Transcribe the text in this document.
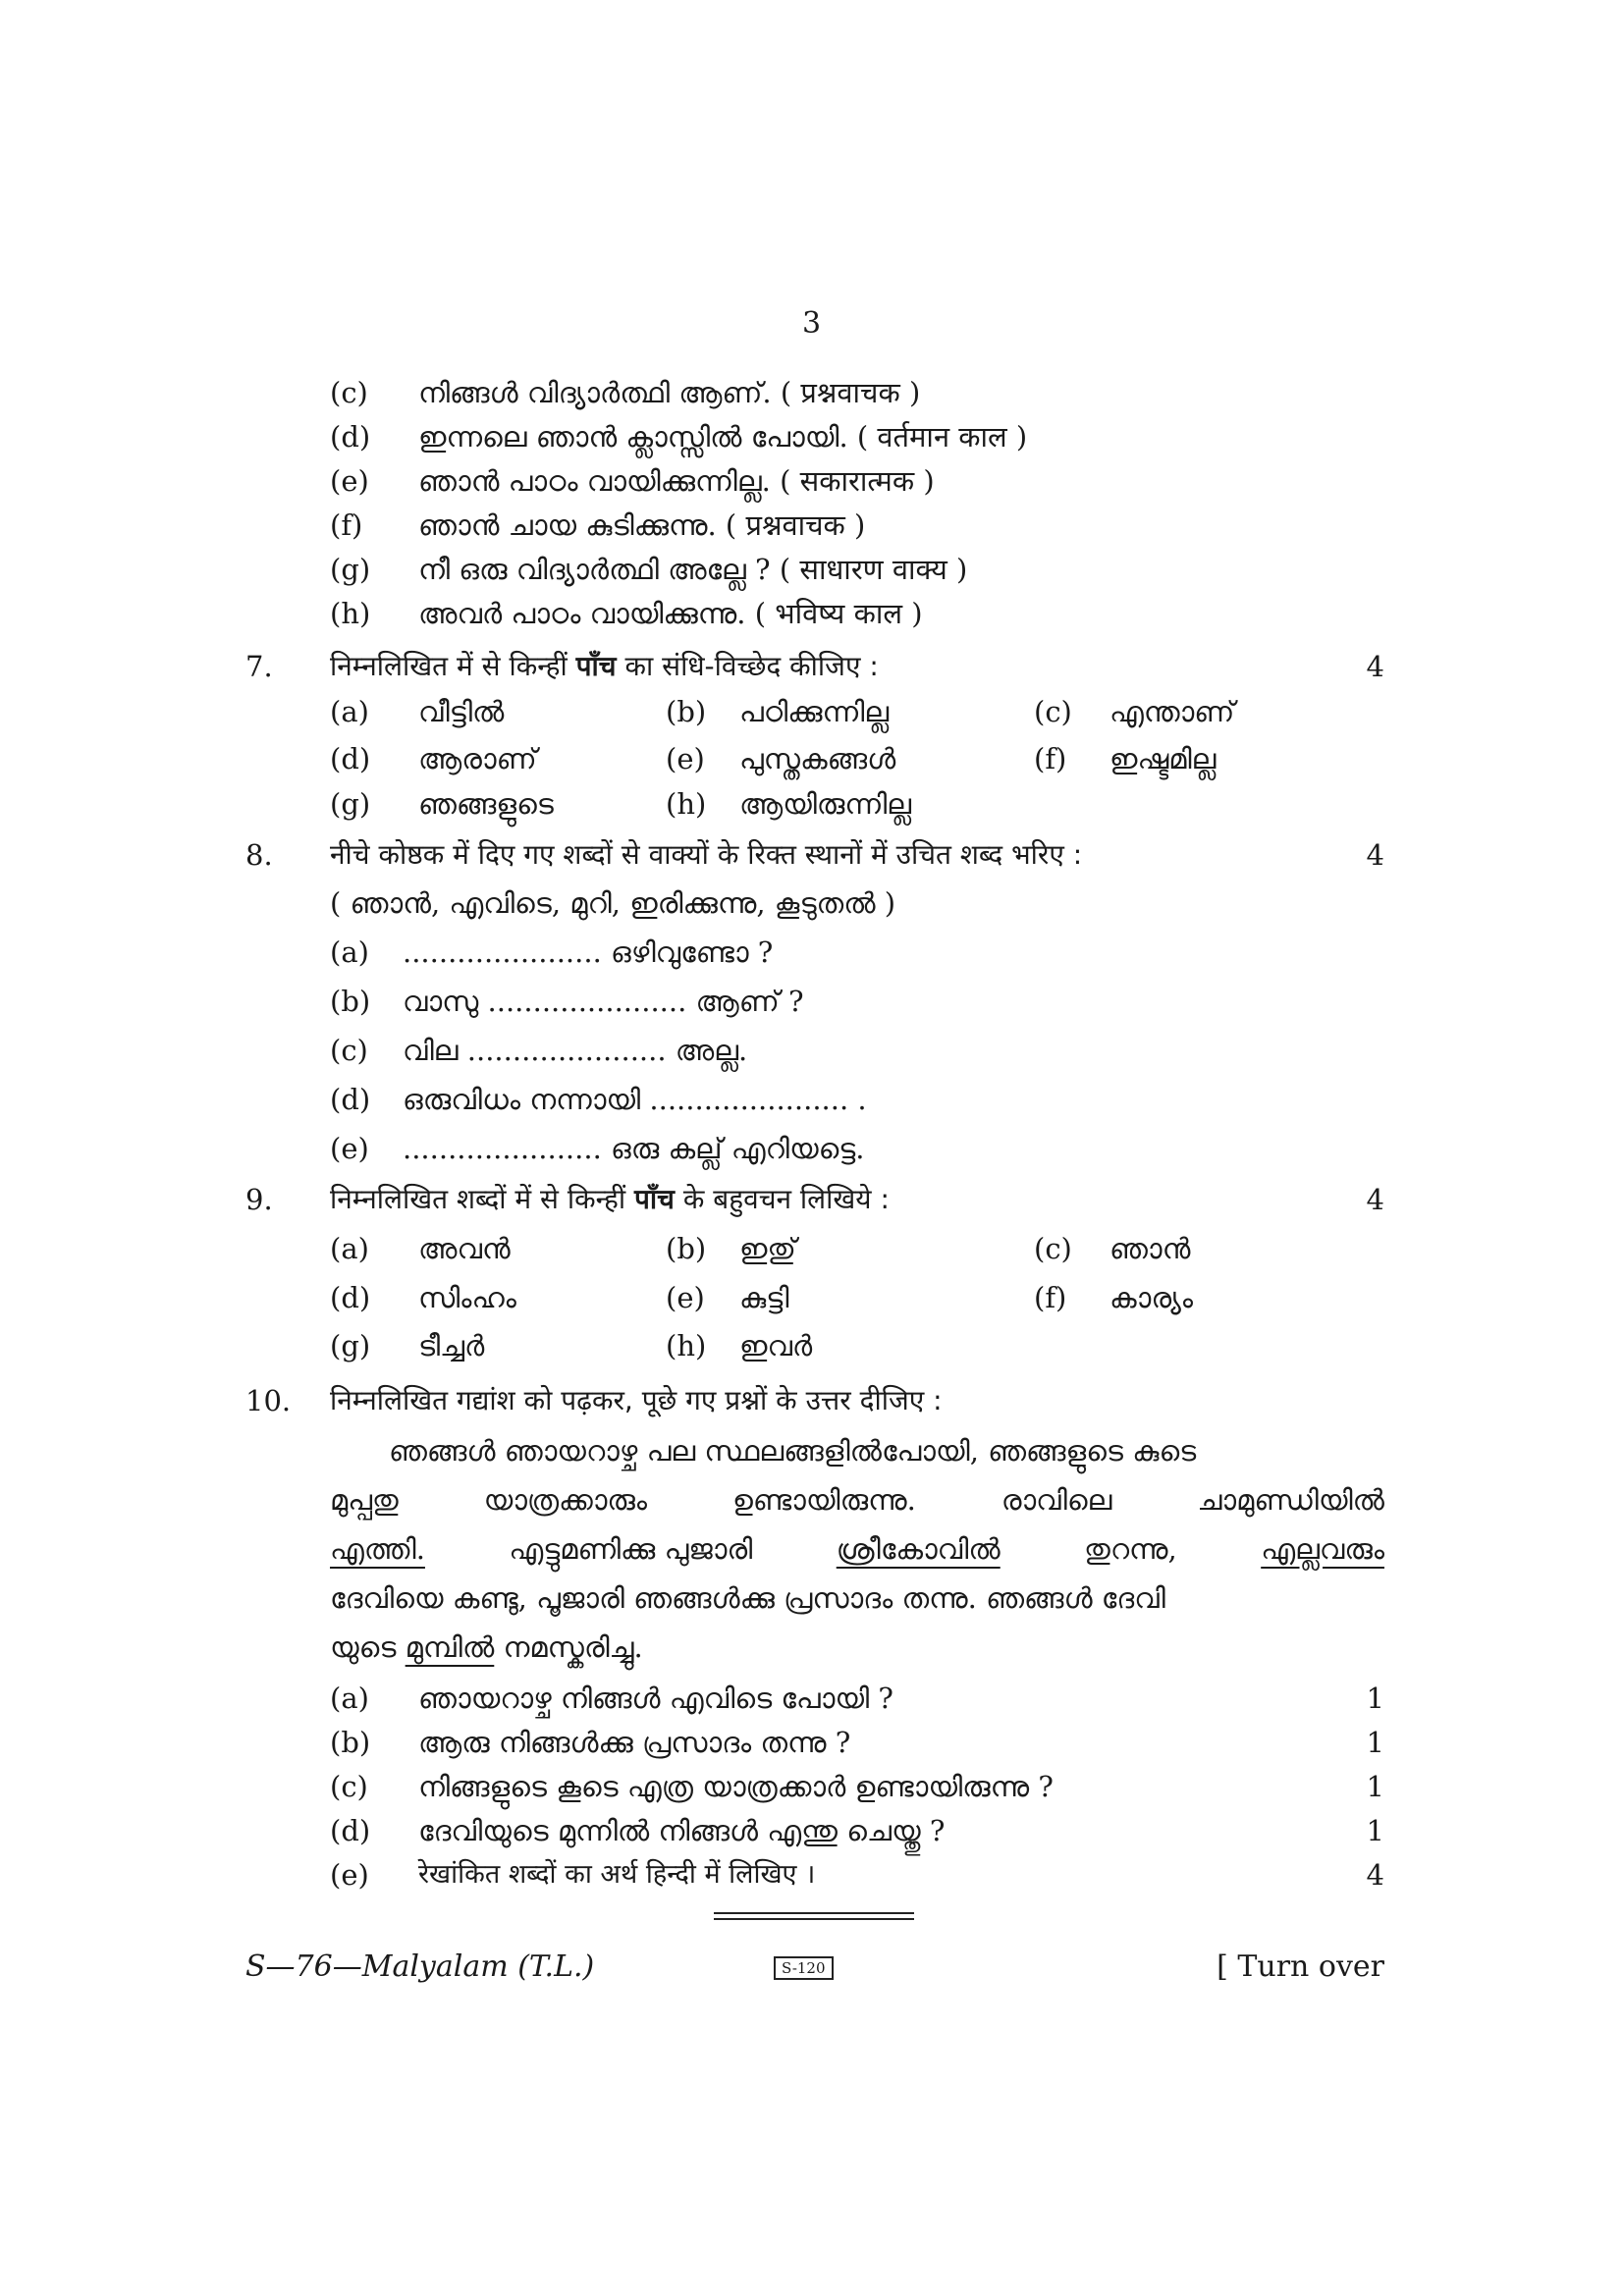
3
(c) നിങ്ങൾ വിദ്യാർത്ഥി ആണ്. ( प्रश्नवाचक )
(d) ഇന്നലെ ഞാൻ ക്ലാസ്സിൽ പോയി. ( वर्तमान काल )
(e) ഞാൻ പാഠം വായിക്കുന്നില്ല. ( सकारात्मक )
(f) ഞാൻ ചായ കുടിക്കുന്നു. ( प्रश्नवाचक )
(g) നീ ഒരു വിദ്യാർത്ഥി അല്ലേ ? ( साधारण वाक्य )
(h) അവർ പാഠം വായിക്കുന്നു. ( भविष्य काल )
7. निम्नलिखित में से किन्हीं पाँच का संधि-विच्छेद कीजिए :	4
(a) വീട്ടിൽ	(b) പഠിക്കുന്നില്ല	(c) എന്താണ്
(d) ആരാണ്	(e) പുസ്തകങ്ങൾ	(f) ഇഷ്ടമില്ല
(g) ഞങ്ങളുടെ	(h) ആയിരുന്നില്ല
8. नीचे कोष्ठक में दिए गए शब्दों से वाक्यों के रिक्त स्थानों में उचित शब्द भरिए :	4
( ഞാൻ, എവിടെ, മുറി, ഇരിക്കുന്നു, കൂടുതൽ )
(a) ...................... ഒഴിവുണ്ടോ ?
(b) വാസു ...................... ആണ് ?
(c) വില ...................... അല്ല.
(d) ഒരുവിധം നന്നായി ...................... .
(e) ...................... ഒരു കല്ല് എറിയട്ടെ.
9. निम्नलिखित शब्दों में से किन्हीं पाँच के बहुवचन लिखिये :	4
(a) അവൻ	(b) ഇതു്	(c) ഞാൻ
(d) സിംഹം	(e) കുട്ടി	(f) കാര്യം
(g) ടീച്ചർ	(h) ഇവർ
10. निम्नलिखित गद्यांश को पढ़कर, पूछे गए प्रश्नों के उत्तर दीजिए :
ഞങ്ങൾ ഞായറാഴ്ച പല സ്ഥലങ്ങളിൽപോയി, ഞങ്ങളുടെ കുടെ
മുപ്പതു	യാത്രക്കാരും	ഉണ്ടായിരുന്നു.	രാവിലെ	ചാമുണ്ഡിയിൽ
എത്തി.	എട്ടുമണിക്കു പുജാരി	ശ്രീകോവിൽ	തുറന്നു,	എല്ലവരും
ദേവിയെ കണ്ടു, പൂജാരി ഞങ്ങൾക്കു പ്രസാദം തന്നു. ഞങ്ങൾ ദേവി
യുടെ മുമ്പിൽ നമസ്കരിച്ചു.
(a) ഞായറാഴ്ച നിങ്ങൾ എവിടെ പോയി ?	1
(b) ആരു നിങ്ങൾക്കു പ്രസാദം തന്നു ?	1
(c) നിങ്ങളുടെ കൂടെ എത്ര യാത്രക്കാർ ഉണ്ടായിരുന്നു ?	1
(d) ദേവിയുടെ മുന്നിൽ നിങ്ങൾ എന്തു ചെയ്തു ?	1
(e) रेखांकित शब्दों का अर्थ हिन्दी में लिखिए ।	4
S—76—Malyalam (T.L.)	S-120	[ Turn over
